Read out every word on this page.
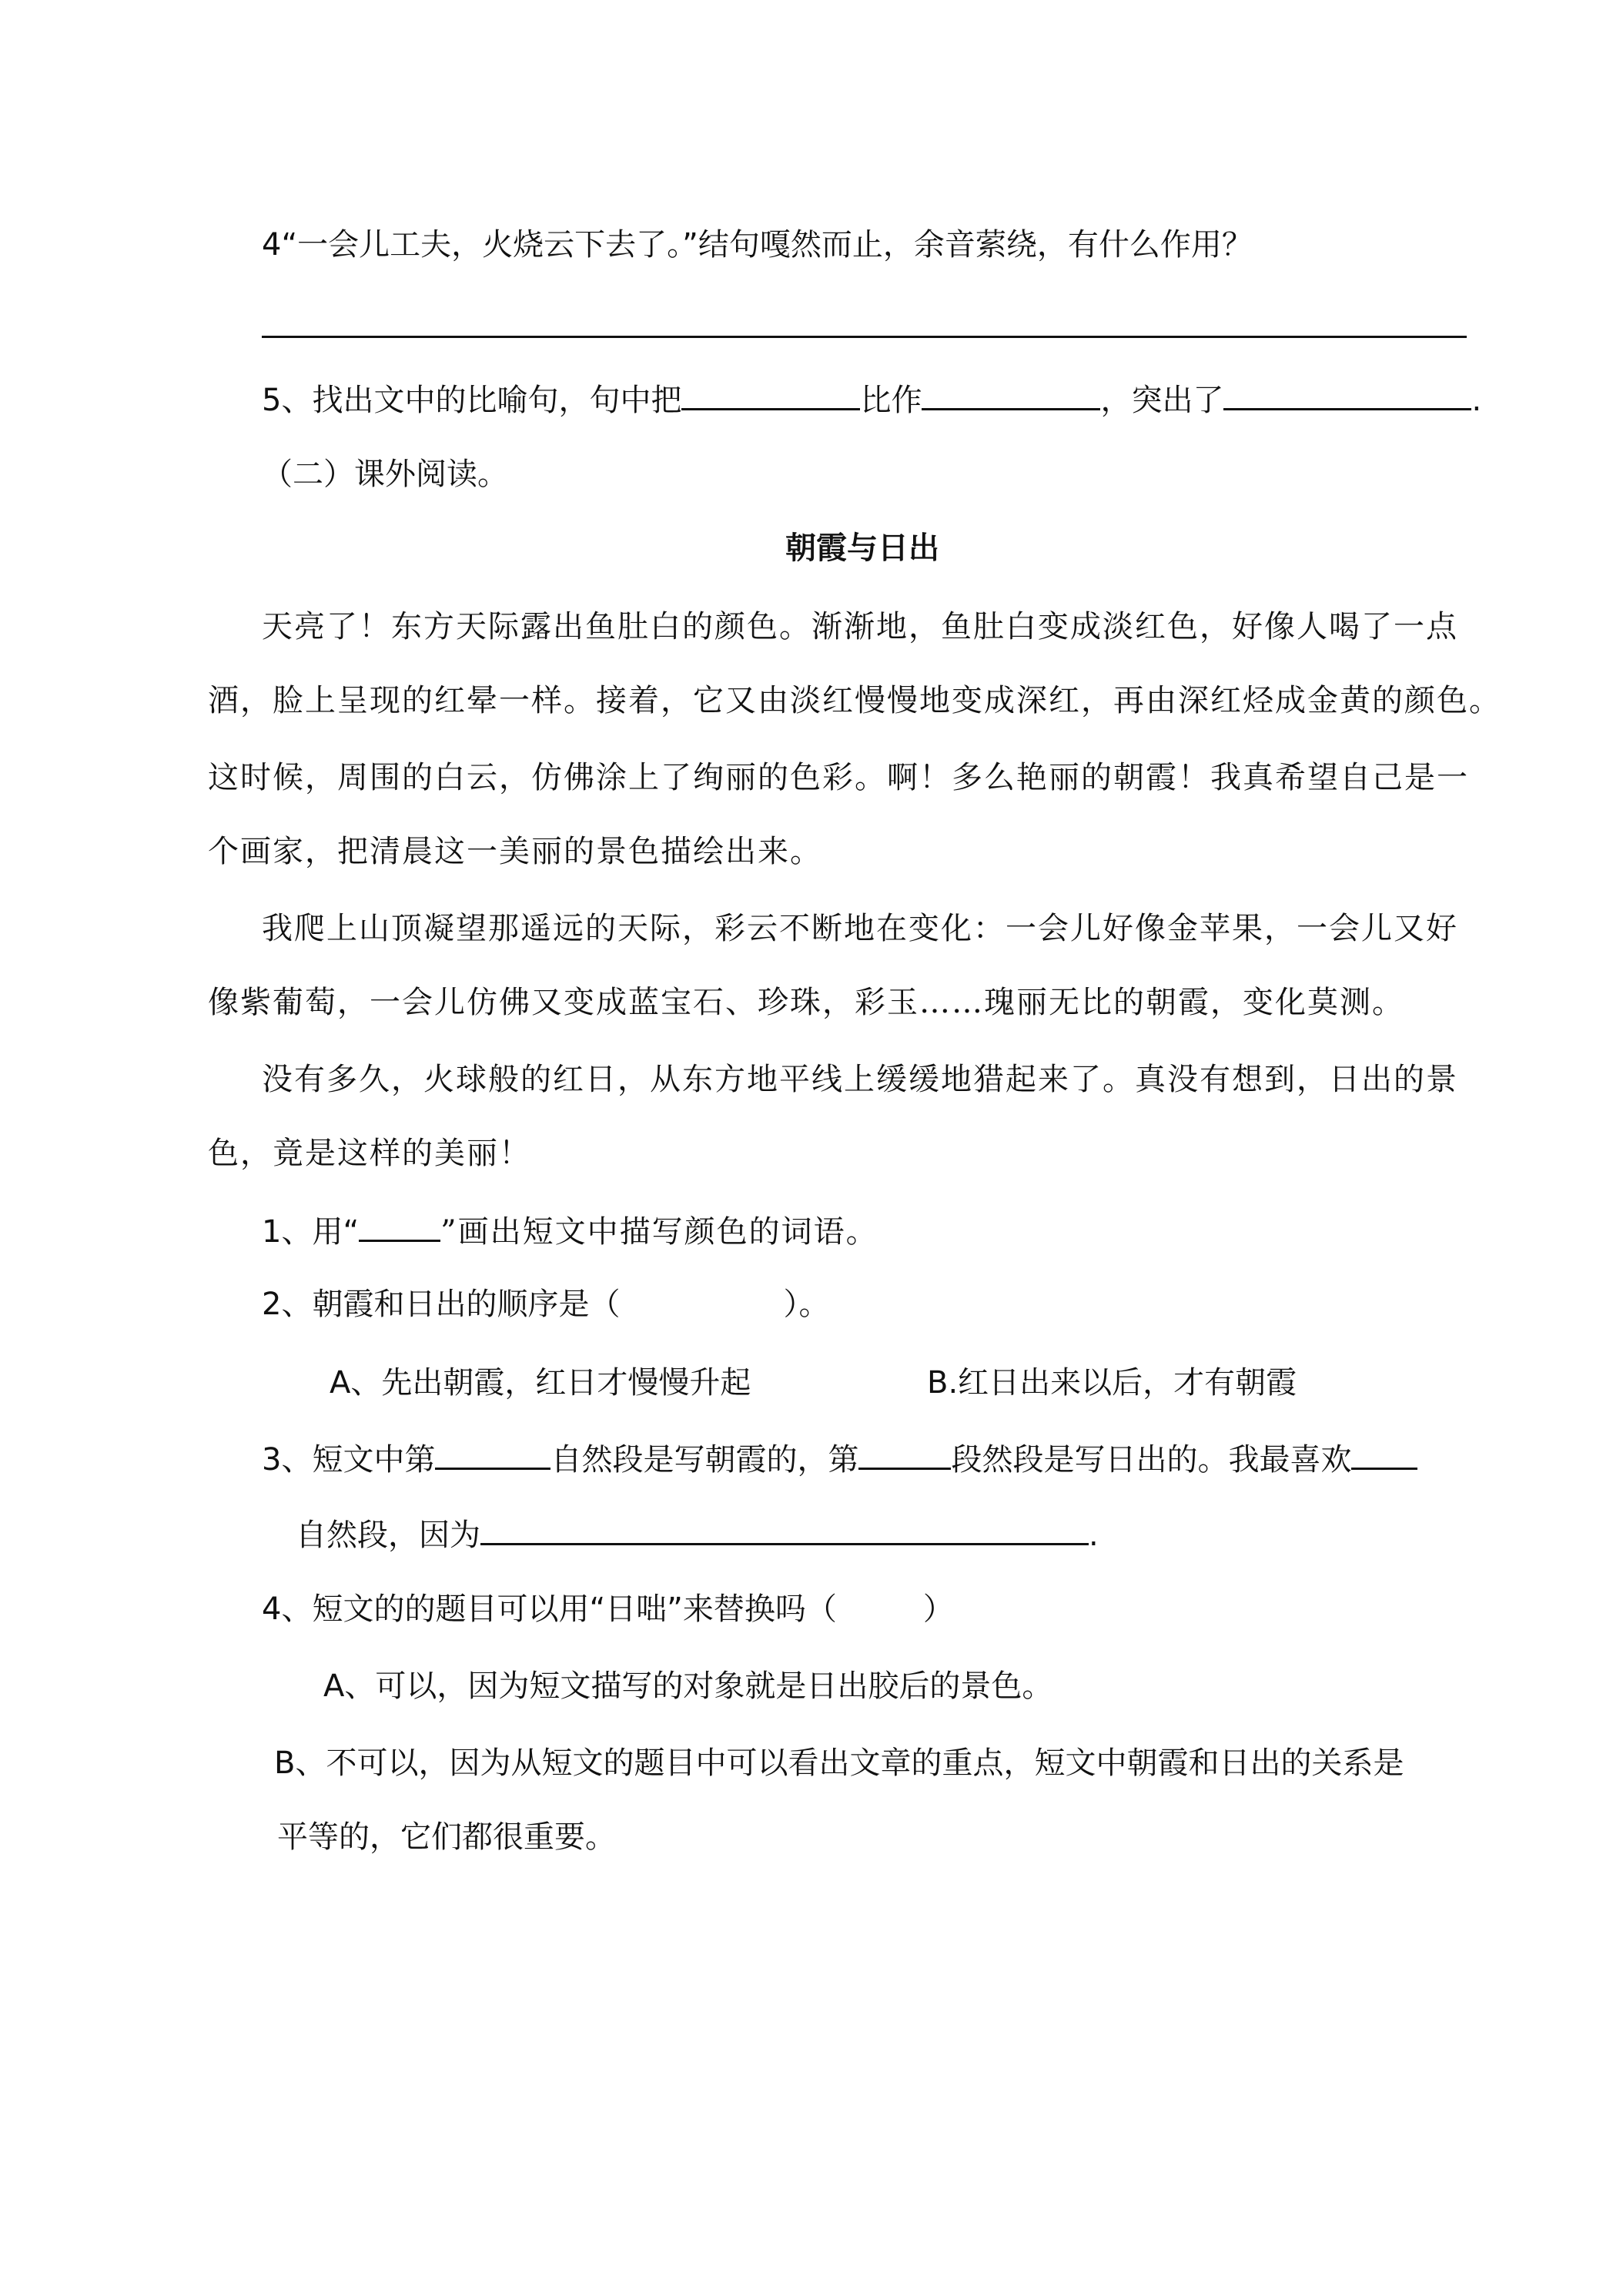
4“一会儿工夫，火烧云下去了。”结句嘎然而止，余音萦绕，有什么作用？
5、找出文中的比喻句，句中把	比作	，突出了	.
（二）课外阅读。
朝霞与日出
天亮了！东方天际露出鱼肚白的颜色。渐渐地，鱼肚白变成淡红色，好像人喝了一点
酒，脸上呈现的红晕一样。接着，它又由淡红慢慢地变成深红，再由深红烃成金黄的颜色。
这时候，周围的白云，仿佛涂上了绚丽的色彩。啊！多么艳丽的朝霞！我真希望自己是一
个画家，把清晨这一美丽的景色描绘出来。
我爬上山顶凝望那遥远的天际，彩云不断地在变化：一会儿好像金苹果，一会儿又好
像紫葡萄，一会儿仿佛又变成蓝宝石、珍珠，彩玉……瑰丽无比的朝霞，变化莫测。
没有多久，火球般的红日，从东方地平线上缓缓地猎起来了。真没有想到，日出的景
色，竟是这样的美丽！
1、用“	”画出短文中描写颜色的词语。
2、朝霞和日出的顺序是（	）。
A、先出朝霞，红日才慢慢升起	B.红日出来以后，才有朝霞
3、短文中第	自然段是写朝霞的，第	段然段是写日出的。我最喜欢
自然段，因为	.
4、短文的的题目可以用“日咄”来替换吗（	）
A、可以，因为短文描写的对象就是日出胶后的景色。
B、不可以，因为从短文的题目中可以看出文章的重点，短文中朝霞和日出的关系是
平等的，它们都很重要。
